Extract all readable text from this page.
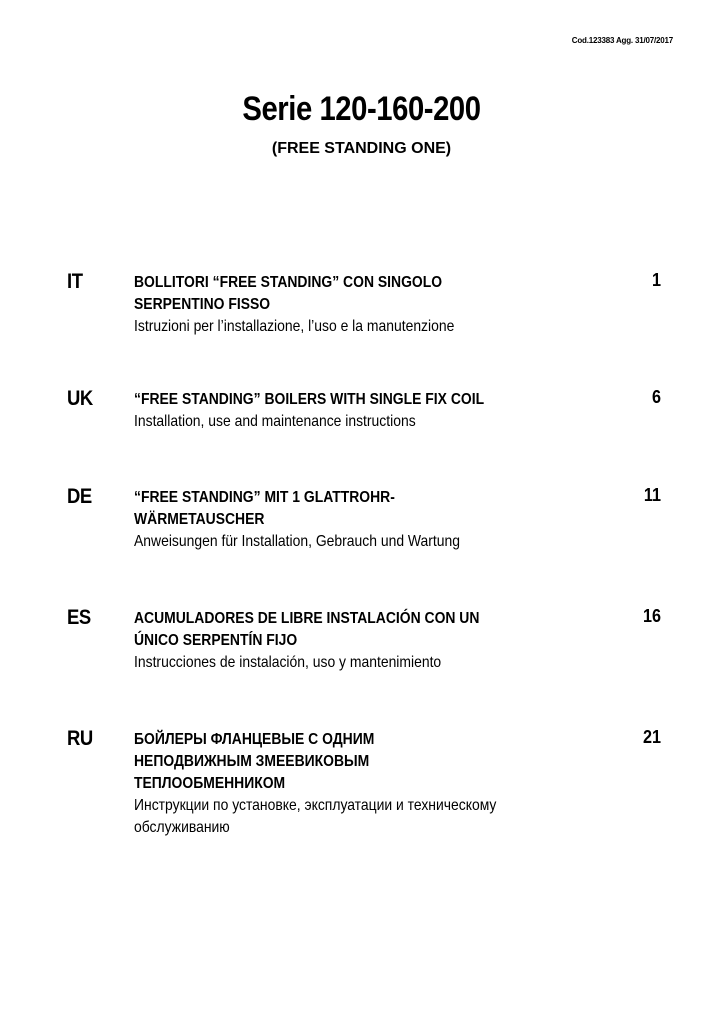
Cod.123383 Agg. 31/07/2017
Serie 120-160-200
(FREE STANDING ONE)
IT	BOLLITORI “FREE STANDING” CON SINGOLO
SERPENTINO FISSO
Istruzioni per l’installazione, l’uso e la manutenzione
1
UK	“FREE STANDING” BOILERS WITH SINGLE FIX COIL
Installation, use and maintenance instructions
6
DE	“FREE STANDING” MIT 1 GLATTROHR-
WÄRMETAUSCHER
Anweisungen für Installation, Gebrauch und Wartung
11
ES	ACUMULADORES DE LIBRE INSTALACIÓN CON UN
ÚNICO SERPENTÍN FIJO
Instrucciones de instalación, uso y mantenimiento
16
RU	БОЙЛЕРЫ ФЛАНЦЕВЫЕ С ОДНИМ
НЕПОДВИЖНЫМ ЗМЕЕВИКОВЫМ
ТЕПЛООБМЕННИКОМ
Инструкции по установке, эксплуатации и техническому
обслуживанию
21
